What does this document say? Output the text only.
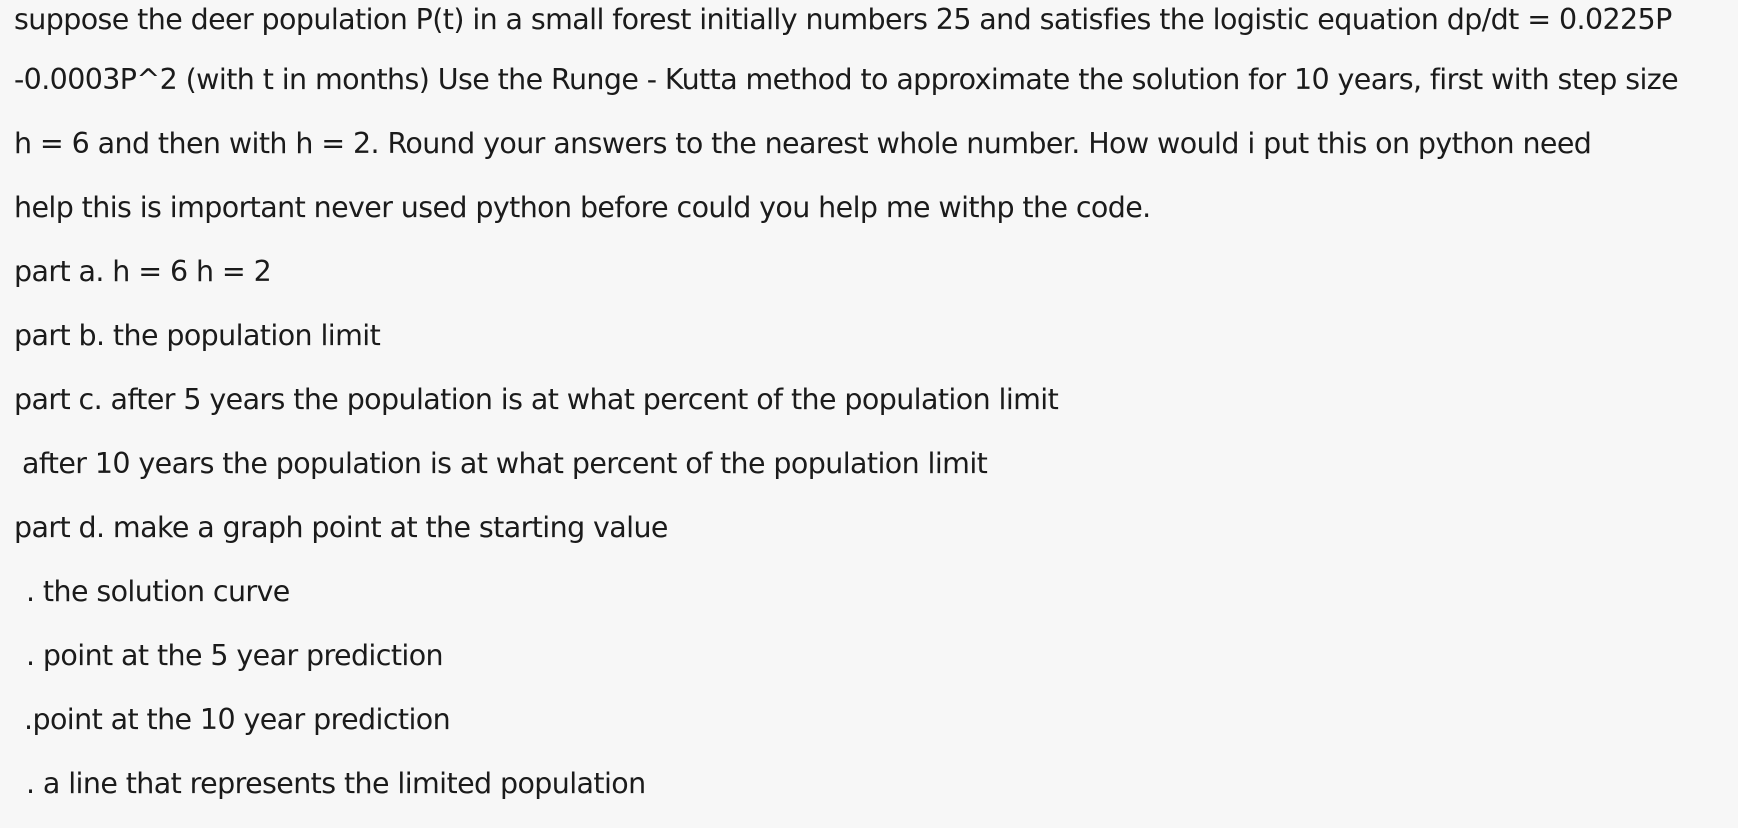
suppose the deer population P(t) in a small forest initially numbers 25 and satisfies the logistic equation dp/dt = 0.0225P
-0.0003P^2 (with t in months) Use the Runge - Kutta method to approximate the solution for 10 years, first with step size
h = 6 and then with h = 2. Round your answers to the nearest whole number. How would i put this on python need
help this is important never used python before could you help me withp the code.
part a. h = 6 h = 2
part b. the population limit
part c. after 5 years the population is at what percent of the population limit
after 10 years the population is at what percent of the population limit
part d. make a graph point at the starting value
. the solution curve
. point at the 5 year prediction
.point at the 10 year prediction
. a line that represents the limited population
